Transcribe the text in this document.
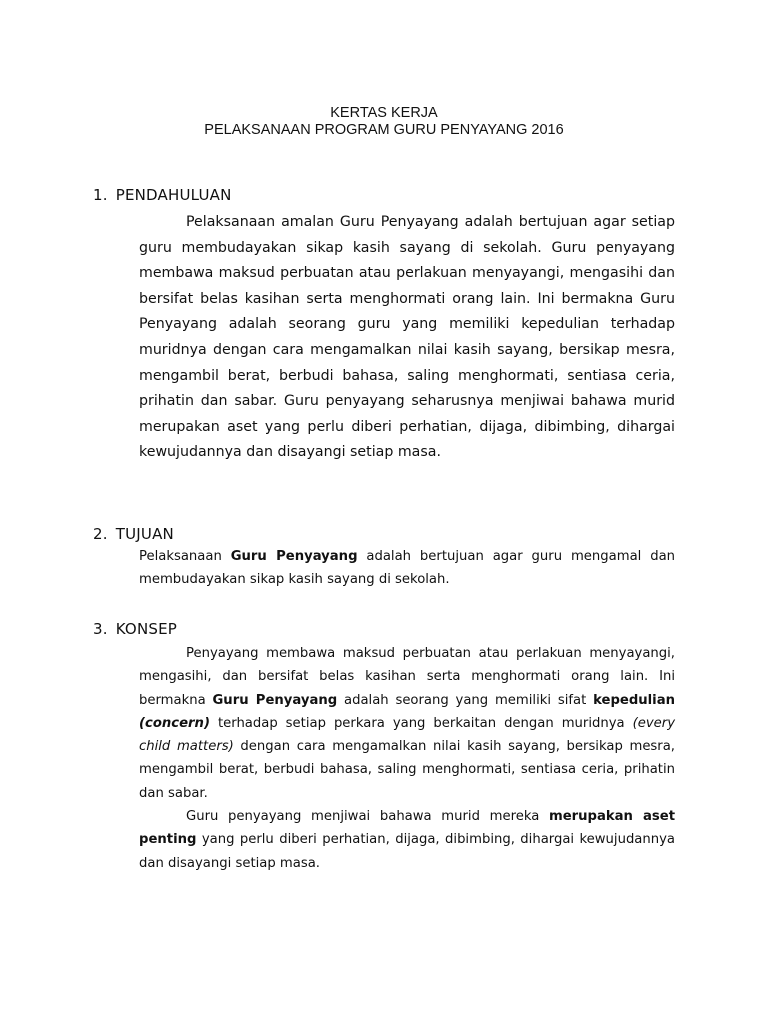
KERTAS KERJA
PELAKSANAAN PROGRAM GURU PENYAYANG 2016
1. PENDAHULUAN

Pelaksanaan amalan Guru Penyayang adalah bertujuan agar setiap guru membudayakan sikap kasih sayang di sekolah. Guru penyayang membawa maksud perbuatan atau perlakuan menyayangi, mengasihi dan bersifat belas kasihan serta menghormati orang lain. Ini bermakna Guru Penyayang adalah seorang guru yang memiliki kepedulian terhadap muridnya dengan cara mengamalkan nilai kasih sayang, bersikap mesra, mengambil berat, berbudi bahasa, saling menghormati, sentiasa ceria, prihatin dan sabar. Guru penyayang seharusnya menjiwai bahawa murid merupakan aset yang perlu diberi perhatian, dijaga, dibimbing, dihargai kewujudannya dan disayangi setiap masa.

2. TUJUAN

Pelaksanaan Guru Penyayang adalah bertujuan agar guru mengamal dan membudayakan sikap kasih sayang di sekolah.

3. KONSEP

Penyayang membawa maksud perbuatan atau perlakuan menyayangi, mengasihi, dan bersifat belas kasihan serta menghormati orang lain. Ini bermakna Guru Penyayang adalah seorang yang memiliki sifat kepedulian (concern) terhadap setiap perkara yang berkaitan dengan muridnya (every child matters) dengan cara mengamalkan nilai kasih sayang, bersikap mesra, mengambil berat, berbudi bahasa, saling menghormati, sentiasa ceria, prihatin dan sabar.

Guru penyayang menjiwai bahawa murid mereka merupakan aset penting yang perlu diberi perhatian, dijaga, dibimbing, dihargai kewujudannya dan disayangi setiap masa.
